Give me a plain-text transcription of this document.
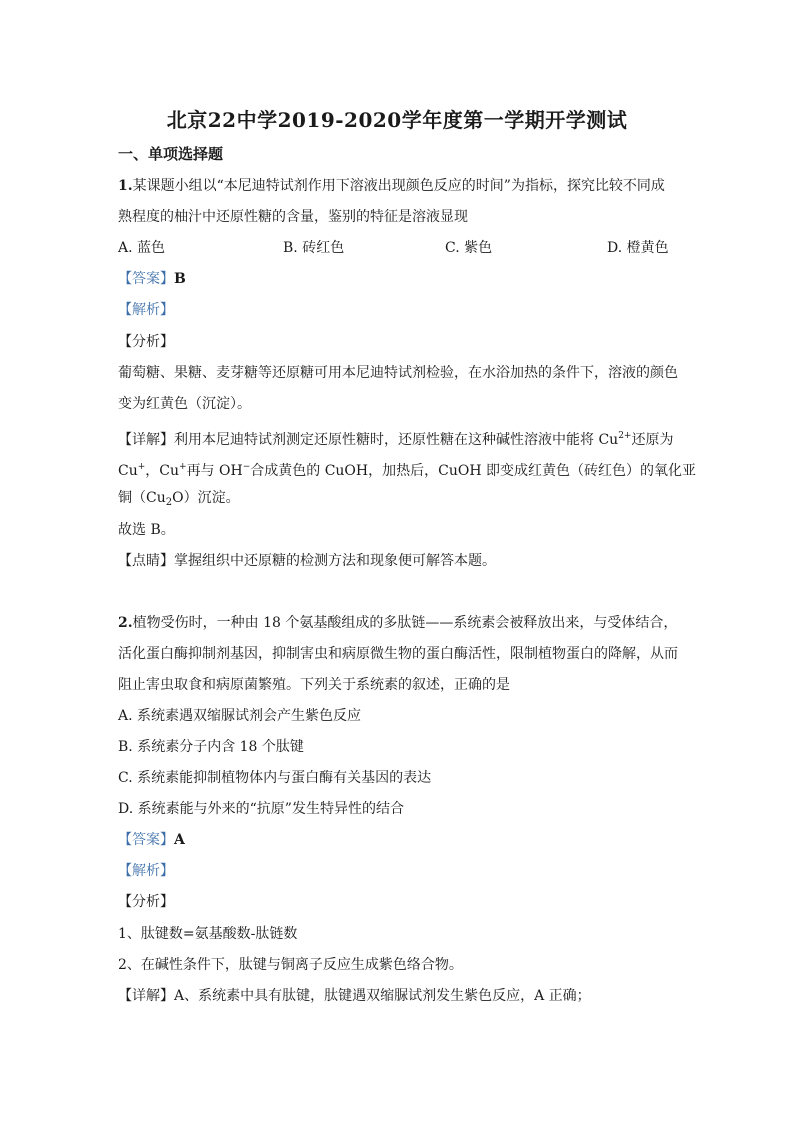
北京22中学2019-2020学年度第一学期开学测试
一、单项选择题
1.某课题小组以“本尼迪特试剂作用下溶液出现颜色反应的时间”为指标，探究比较不同成
熟程度的柚汁中还原性糖的含量，鉴别的特征是溶液显现
A. 蓝色	B. 砖红色	C. 紫色	D. 橙黄色
【答案】B
【解析】
【分析】
葡萄糖、果糖、麦芽糖等还原糖可用本尼迪特试剂检验，在水浴加热的条件下，溶液的颜色
变为红黄色（沉淀）。
【详解】利用本尼迪特试剂测定还原性糖时，还原性糖在这种碱性溶液中能将 $Cu^{2+}$还原为
Cu+，Cu+再与 OH−合成黄色的 CuOH，加热后，CuOH 即变成红黄色（砖红色）的氧化亚
铜$(Cu_2O)$沉淀。
故选 B。
【点睛】掌握组织中还原糖的检测方法和现象便可解答本题。
2.植物受伤时，一种由 18 个氨基酸组成的多肽链——系统素会被释放出来，与受体结合，
活化蛋白酶抑制剂基因，抑制害虫和病原微生物的蛋白酶活性，限制植物蛋白的降解，从而
阻止害虫取食和病原菌繁殖。下列关于系统素的叙述，正确的是
A. 系统素遇双缩脲试剂会产生紫色反应
B. 系统素分子内含 18 个肽键
C. 系统素能抑制植物体内与蛋白酶有关基因的表达
D. 系统素能与外来的“抗原”发生特异性的结合
【答案】A
【解析】
【分析】
1、肽键数=氨基酸数-肽链数
2、在碱性条件下，肽键与铜离子反应生成紫色络合物。
【详解】A、系统素中具有肽键，肽键遇双缩脲试剂发生紫色反应，A 正确；
